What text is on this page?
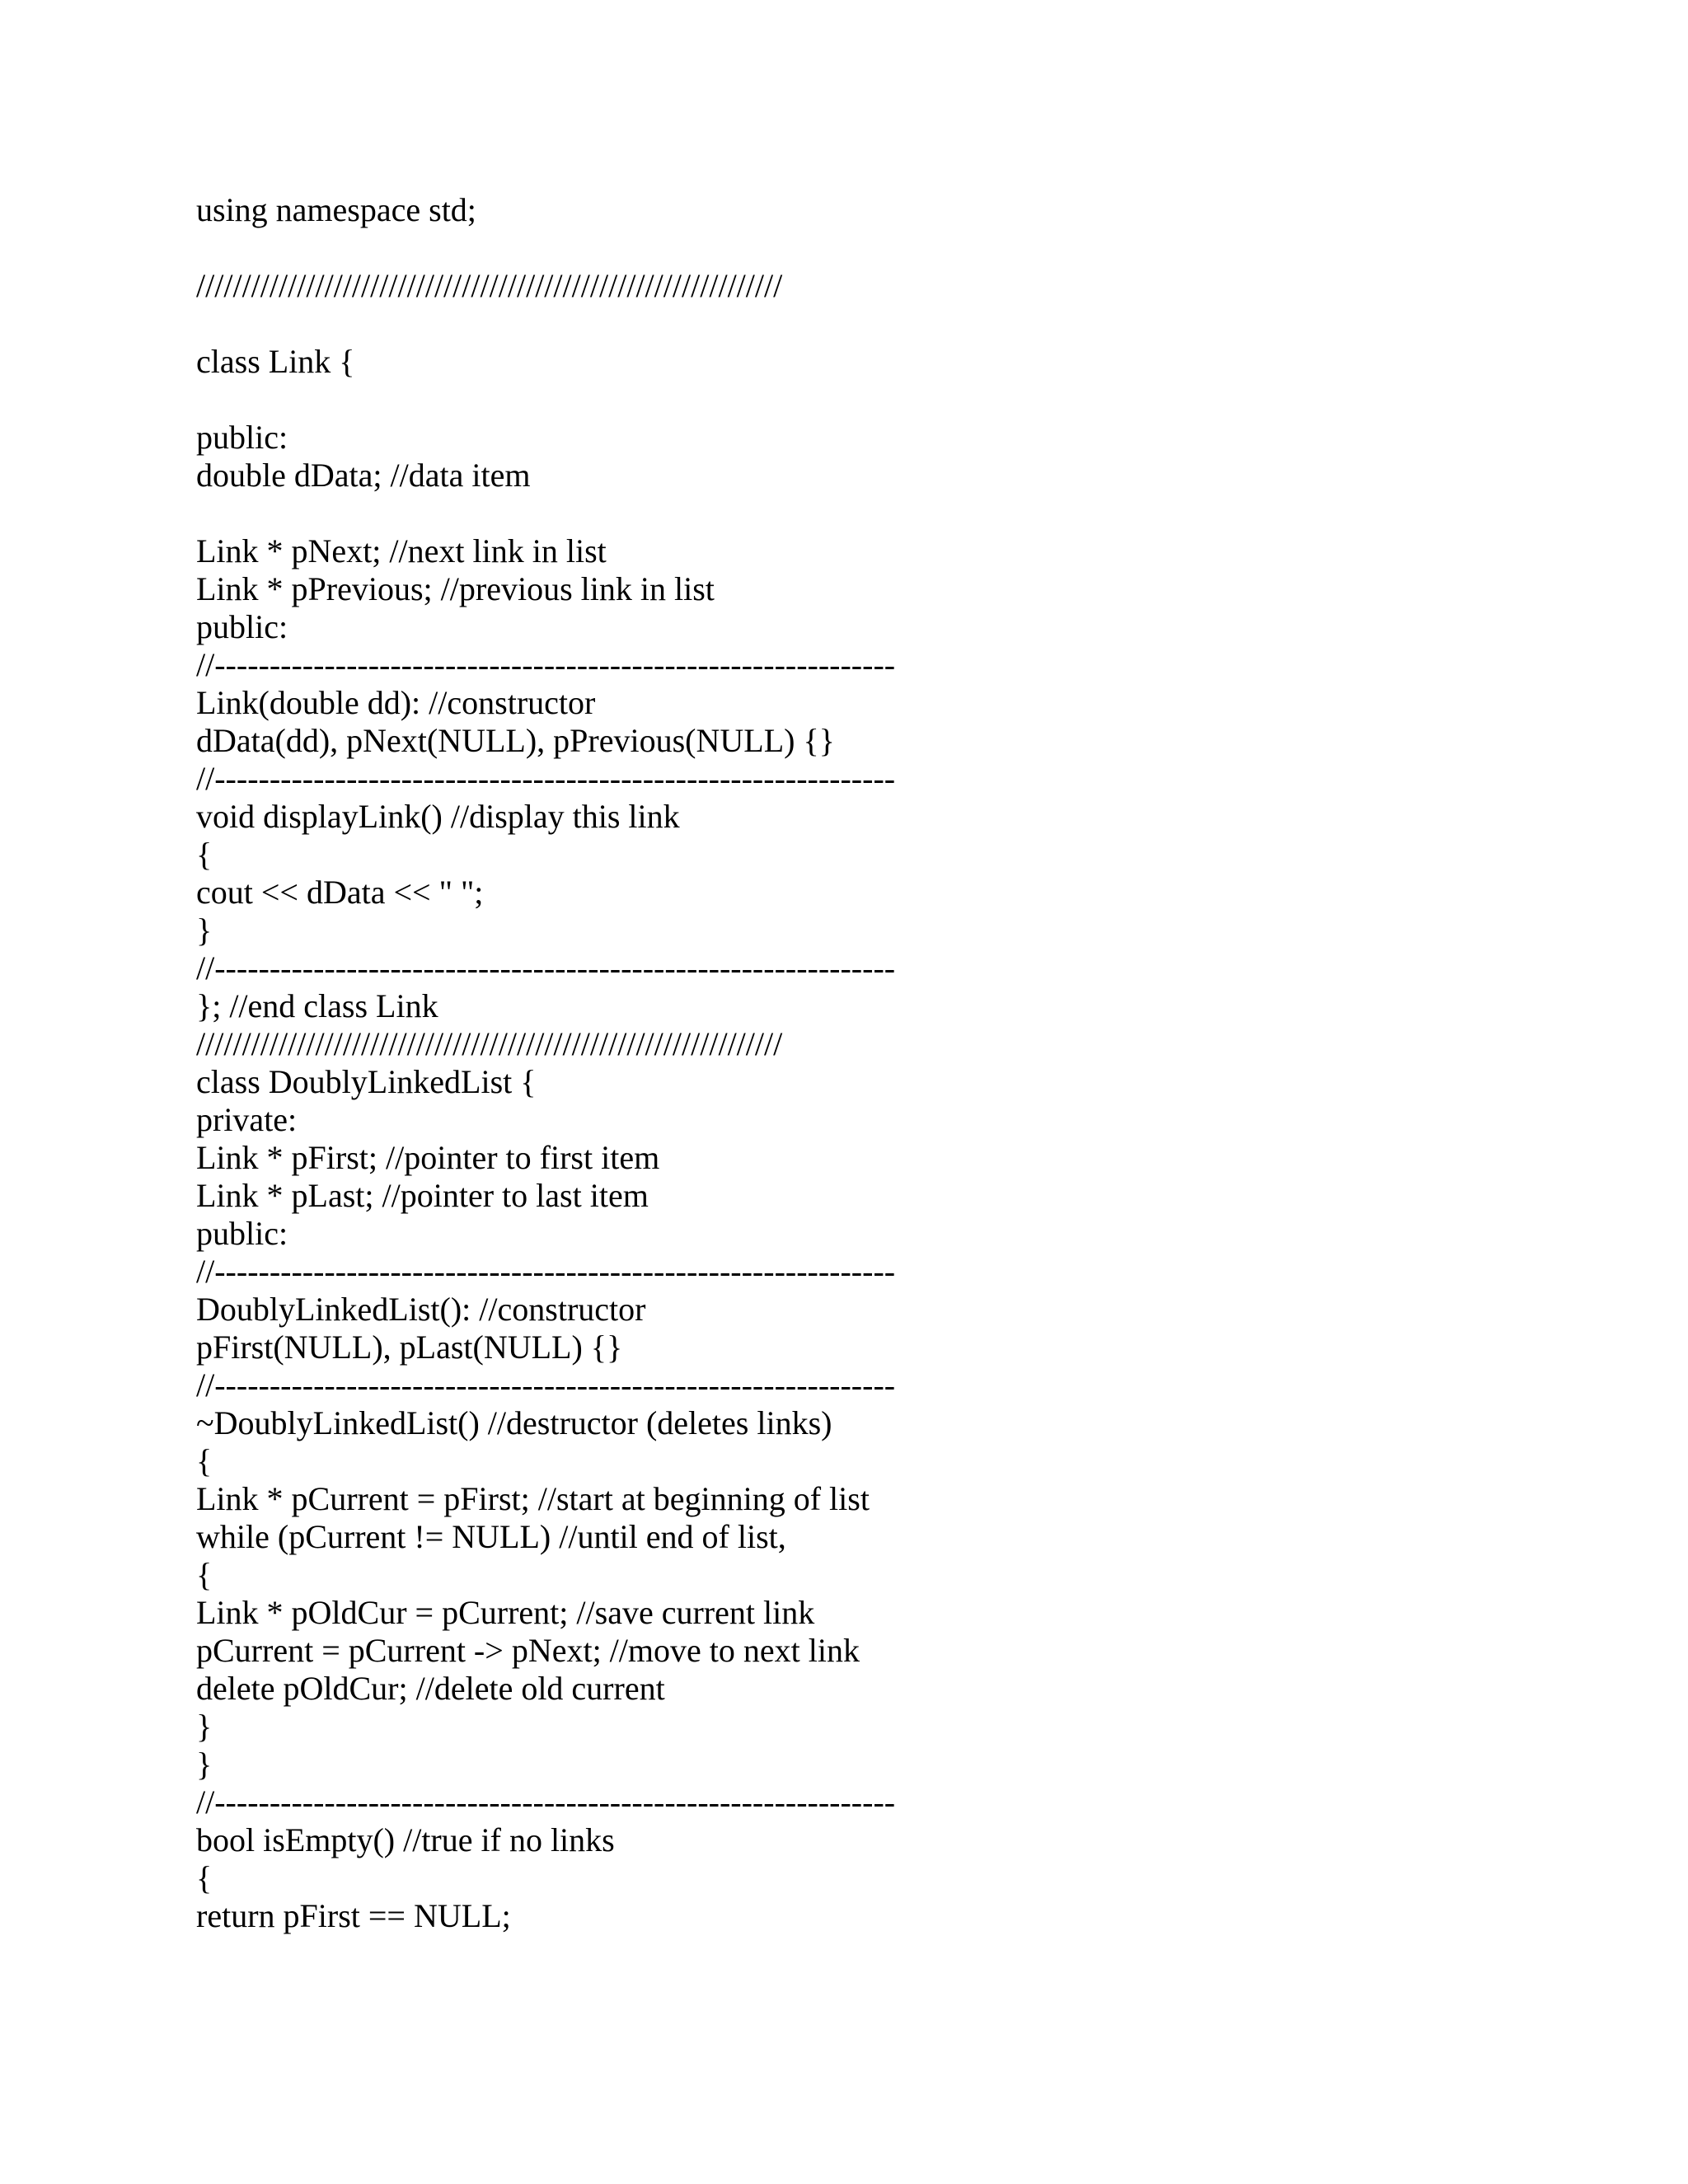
using namespace std;
////////////////////////////////////////////////////////////////
class Link {
public:
double dData; //data item
Link * pNext; //next link in list
Link * pPrevious; //previous link in list
public:
//--------------------------------------------------------------
Link(double dd): //constructor
dData(dd), pNext(NULL), pPrevious(NULL) {}
//--------------------------------------------------------------
void displayLink() //display this link
{
cout << dData << " ";
}
//--------------------------------------------------------------
}; //end class Link
////////////////////////////////////////////////////////////////
class DoublyLinkedList {
private:
Link * pFirst; //pointer to first item
Link * pLast; //pointer to last item
public:
//--------------------------------------------------------------
DoublyLinkedList(): //constructor
pFirst(NULL), pLast(NULL) {}
//--------------------------------------------------------------
~DoublyLinkedList() //destructor (deletes links)
{
Link * pCurrent = pFirst; //start at beginning of list
while (pCurrent != NULL) //until end of list,
{
Link * pOldCur = pCurrent; //save current link
pCurrent = pCurrent -> pNext; //move to next link
delete pOldCur; //delete old current
}
}
//--------------------------------------------------------------
bool isEmpty() //true if no links
{
return pFirst == NULL;
